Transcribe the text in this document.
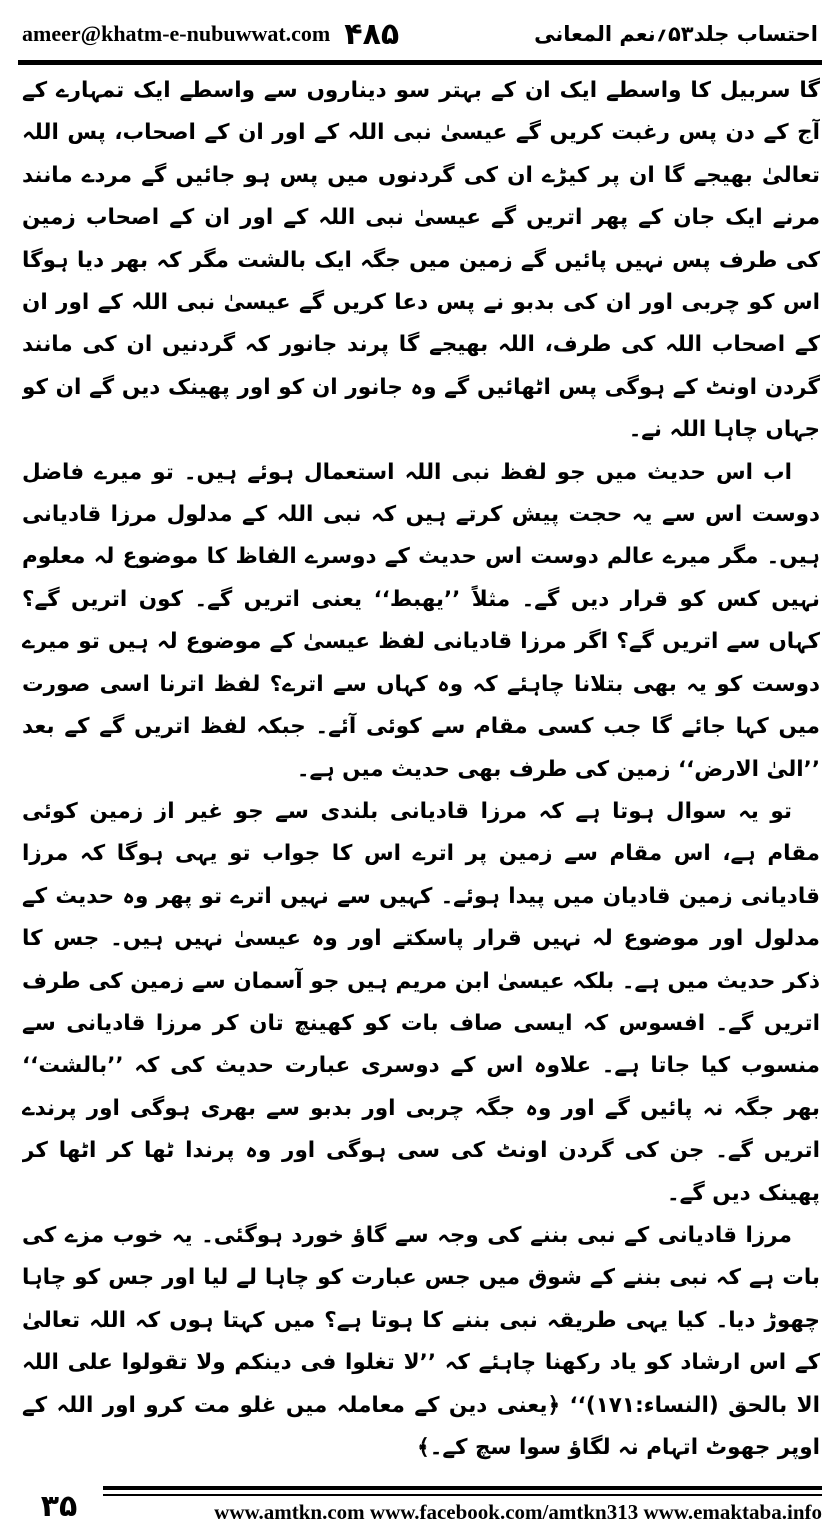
ameer@khatm-e-nubuwwat.com ۴۸۵	احتساب جلد۵۳؍نعم المعانی

گا سربیل کا واسطے ایک ان کے بہتر سو دیناروں سے واسطے ایک تمہارے کے آج کے دن پس رغبت کریں گے عیسیٰ نبی اللہ کے اور ان کے اصحاب، پس اللہ تعالیٰ بھیجے گا ان پر کیڑے ان کی گردنوں میں پس ہو جائیں گے مردے مانند مرنے ایک جان کے پھر اتریں گے عیسیٰ نبی اللہ کے اور ان کے اصحاب زمین کی طرف پس نہیں پائیں گے زمین میں جگہ ایک بالشت مگر کہ بھر دیا ہوگا اس کو چربی اور ان کی بدبو نے پس دعا کریں گے عیسیٰ نبی اللہ کے اور ان کے اصحاب اللہ کی طرف، اللہ بھیجے گا پرند جانور کہ گردنیں ان کی مانند گردن اونٹ کے ہوگی پس اٹھائیں گے وہ جانور ان کو اور پھینک دیں گے ان کو جہاں چاہا اللہ نے۔

اب اس حدیث میں جو لفظ نبی اللہ استعمال ہوئے ہیں۔ تو میرے فاضل دوست اس سے یہ حجت پیش کرتے ہیں کہ نبی اللہ کے مدلول مرزا قادیانی ہیں۔ مگر میرے عالم دوست اس حدیث کے دوسرے الفاظ کا موضوع لہ معلوم نہیں کس کو قرار دیں گے۔ مثلاً ’’یھبط‘‘ یعنی اتریں گے۔ کون اتریں گے؟ کہاں سے اتریں گے؟ اگر مرزا قادیانی لفظ عیسیٰ کے موضوع لہ ہیں تو میرے دوست کو یہ بھی بتلانا چاہئے کہ وہ کہاں سے اترے؟ لفظ اترنا اسی صورت میں کہا جائے گا جب کسی مقام سے کوئی آئے۔ جبکہ لفظ اتریں گے کے بعد ’’الیٰ الارض‘‘ زمین کی طرف بھی حدیث میں ہے۔

تو یہ سوال ہوتا ہے کہ مرزا قادیانی بلندی سے جو غیر از زمین کوئی مقام ہے، اس مقام سے زمین پر اترے اس کا جواب تو یہی ہوگا کہ مرزا قادیانی زمین قادیان میں پیدا ہوئے۔ کہیں سے نہیں اترے تو پھر وہ حدیث کے مدلول اور موضوع لہ نہیں قرار پاسکتے اور وہ عیسیٰ نہیں ہیں۔ جس کا ذکر حدیث میں ہے۔ بلکہ عیسیٰ ابن مریم ہیں جو آسمان سے زمین کی طرف اتریں گے۔ افسوس کہ ایسی صاف بات کو کھینچ تان کر مرزا قادیانی سے منسوب کیا جاتا ہے۔ علاوہ اس کے دوسری عبارت حدیث کی کہ ’’بالشت‘‘ بھر جگہ نہ پائیں گے اور وہ جگہ چربی اور بدبو سے بھری ہوگی اور پرندے اتریں گے۔ جن کی گردن اونٹ کی سی ہوگی اور وہ پرندا ٹھا کر اٹھا کر پھینک دیں گے۔

مرزا قادیانی کے نبی بننے کی وجہ سے گاؤ خورد ہوگئی۔ یہ خوب مزے کی بات ہے کہ نبی بننے کے شوق میں جس عبارت کو چاہا لے لیا اور جس کو چاہا چھوڑ دیا۔ کیا یہی طریقہ نبی بننے کا ہوتا ہے؟ میں کہتا ہوں کہ اللہ تعالیٰ کے اس ارشاد کو یاد رکھنا چاہئے کہ ’’لا تغلوا فی دینکم ولا تقولوا علی اللہ الا بالحق (النساء:۱۷۱)‘‘ ﴿یعنی دین کے معاملہ میں غلو مت کرو اور اللہ کے اوپر جھوٹ اتہام نہ لگاؤ سوا سچ کے۔﴾

۳۵	www.amtkn.com www.facebook.com/amtkn313 www.emaktaba.info
